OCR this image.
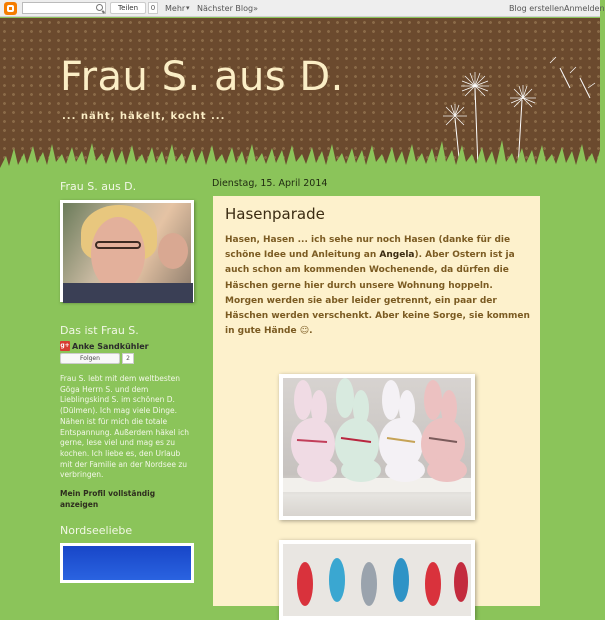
Teilen	0	Mehr ▾ Nächster Blog»	Blog erstellen Anmelden
Frau S. aus D.
... näht, häkelt, kocht ...
Frau S. aus D.
Das ist Frau S.
g+ Anke Sandkühler
Folgen	2
Frau S. lebt mit dem weltbesten Göga Herrn S. und dem Lieblingskind S. im schönen D. (Dülmen). Ich mag viele Dinge. Nähen ist für mich die totale Entspannung. Außerdem häkel ich gerne, lese viel und mag es zu kochen. Ich liebe es, den Urlaub mit der Familie an der Nordsee zu verbringen.
Mein Profil vollständig anzeigen
Nordseeliebe
Dienstag, 15. April 2014
Hasenparade
Hasen, Hasen ... ich sehe nur noch Hasen (danke für die schöne Idee und Anleitung an Angela). Aber Ostern ist ja auch schon am kommenden Wochenende, da dürfen die Häschen gerne hier durch unsere Wohnung hoppeln. Morgen werden sie aber leider getrennt, ein paar der Häschen werden verschenkt. Aber keine Sorge, sie kommen in gute Hände ☺.
